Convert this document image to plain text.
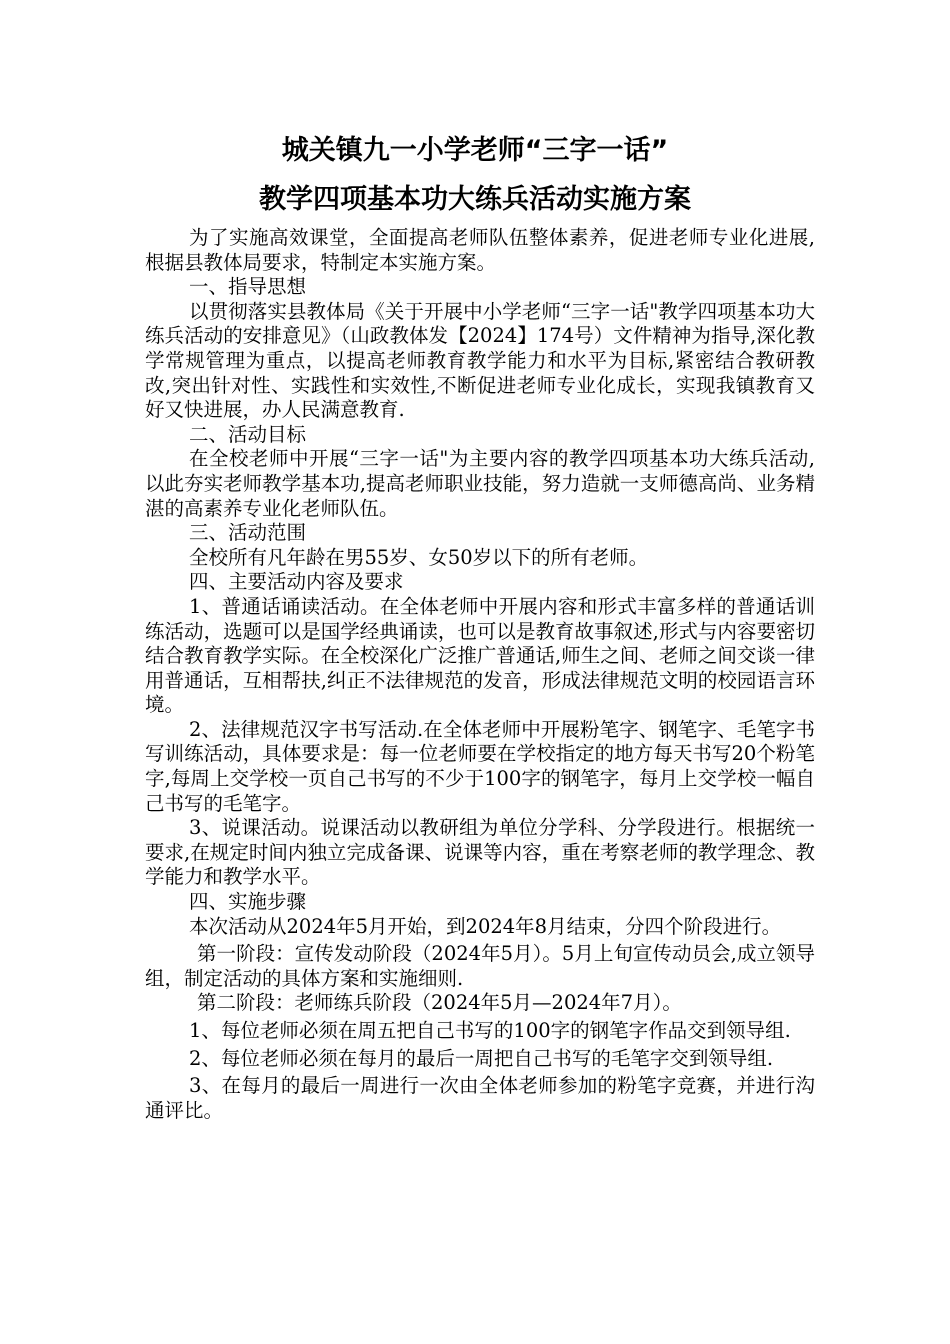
城关镇九一小学老师“三字一话”
教学四项基本功大练兵活动实施方案

为了实施高效课堂，全面提高老师队伍整体素养，促进老师专业化进展,根据县教体局要求，特制定本实施方案。

一、指导思想

以贯彻落实县教体局《关于开展中小学老师“三字一话"教学四项基本功大练兵活动的安排意见》（山政教体发【2024】174号）文件精神为指导,深化教学常规管理为重点，以提高老师教育教学能力和水平为目标,紧密结合教研教改,突出针对性、实践性和实效性,不断促进老师专业化成长，实现我镇教育又好又快进展，办人民满意教育.

二、活动目标

在全校老师中开展“三字一话"为主要内容的教学四项基本功大练兵活动,以此夯实老师教学基本功,提高老师职业技能，努力造就一支师德高尚、业务精湛的高素养专业化老师队伍。

三、活动范围

全校所有凡年龄在男55岁、女50岁以下的所有老师。

四、主要活动内容及要求

1、普通话诵读活动。在全体老师中开展内容和形式丰富多样的普通话训练活动，选题可以是国学经典诵读，也可以是教育故事叙述,形式与内容要密切结合教育教学实际。在全校深化广泛推广普通话,师生之间、老师之间交谈一律用普通话，互相帮扶,纠正不法律规范的发音，形成法律规范文明的校园语言环境。

2、法律规范汉字书写活动.在全体老师中开展粉笔字、钢笔字、毛笔字书写训练活动，具体要求是：每一位老师要在学校指定的地方每天书写20个粉笔字,每周上交学校一页自己书写的不少于100字的钢笔字，每月上交学校一幅自己书写的毛笔字。

3、说课活动。说课活动以教研组为单位分学科、分学段进行。根据统一要求,在规定时间内独立完成备课、说课等内容，重在考察老师的教学理念、教学能力和教学水平。

四、实施步骤

本次活动从2024年5月开始，到2024年8月结束，分四个阶段进行。

第一阶段：宣传发动阶段（2024年5月）。5月上旬宣传动员会,成立领导组，制定活动的具体方案和实施细则.

第二阶段：老师练兵阶段（2024年5月—2024年7月）。

1、每位老师必须在周五把自己书写的100字的钢笔字作品交到领导组.

2、每位老师必须在每月的最后一周把自己书写的毛笔字交到领导组.

3、在每月的最后一周进行一次由全体老师参加的粉笔字竞赛，并进行沟通评比。
